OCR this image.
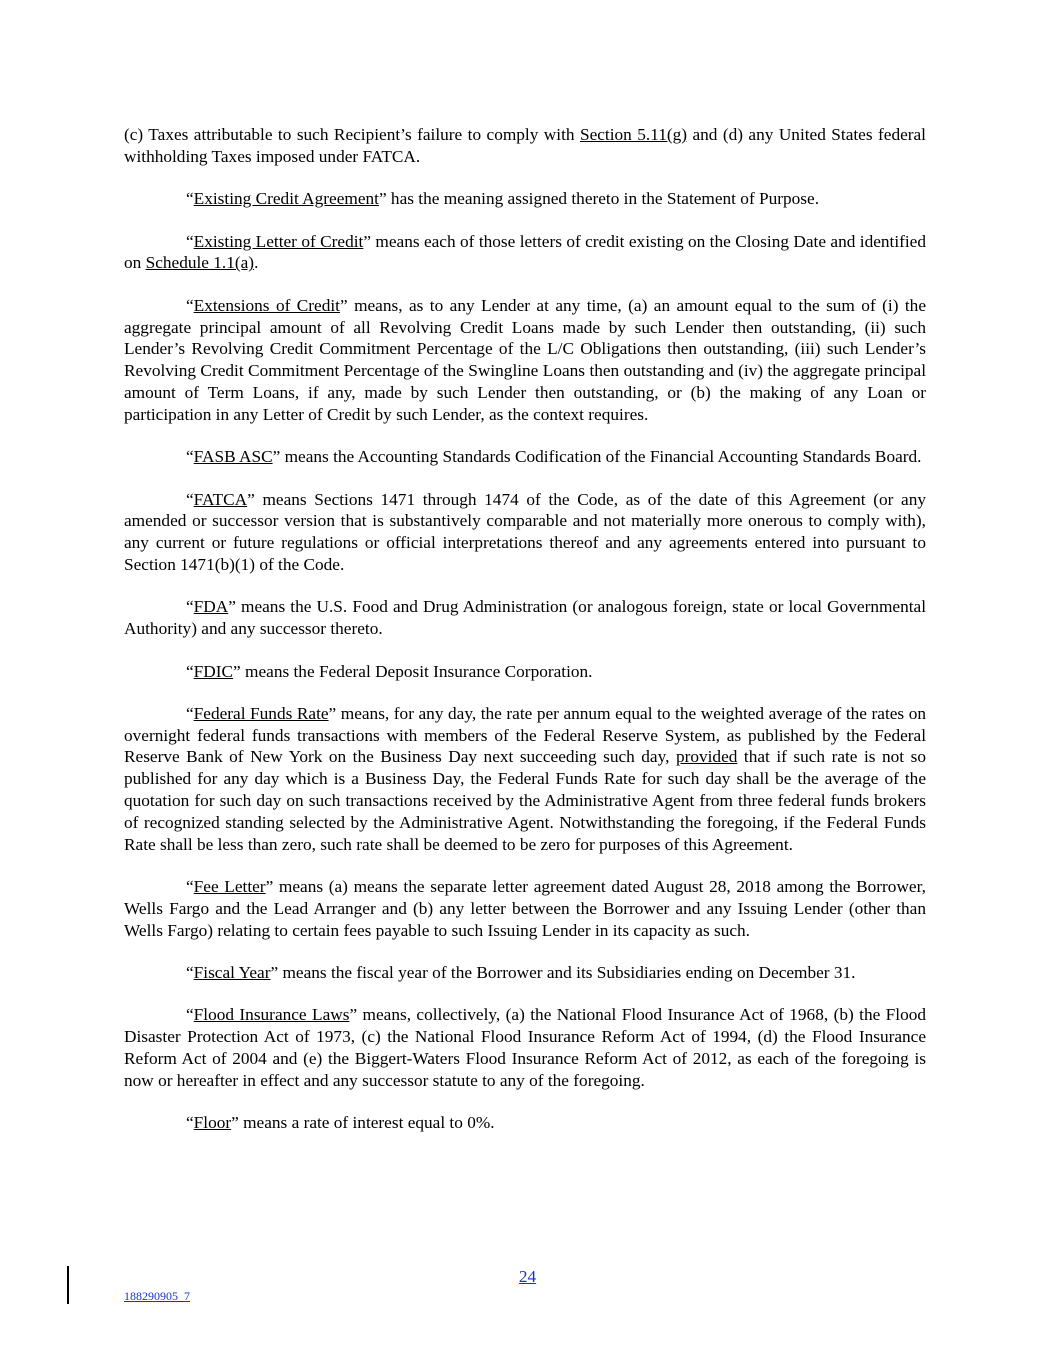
(c) Taxes attributable to such Recipient’s failure to comply with Section 5.11(g) and (d) any United States federal withholding Taxes imposed under FATCA.

“Existing Credit Agreement” has the meaning assigned thereto in the Statement of Purpose.

“Existing Letter of Credit” means each of those letters of credit existing on the Closing Date and identified on Schedule 1.1(a).

“Extensions of Credit” means, as to any Lender at any time, (a) an amount equal to the sum of (i) the aggregate principal amount of all Revolving Credit Loans made by such Lender then outstanding, (ii) such Lender’s Revolving Credit Commitment Percentage of the L/C Obligations then outstanding, (iii) such Lender’s Revolving Credit Commitment Percentage of the Swingline Loans then outstanding and (iv) the aggregate principal amount of Term Loans, if any, made by such Lender then outstanding, or (b) the making of any Loan or participation in any Letter of Credit by such Lender, as the context requires.

“FASB ASC” means the Accounting Standards Codification of the Financial Accounting Standards Board.

“FATCA” means Sections 1471 through 1474 of the Code, as of the date of this Agreement (or any amended or successor version that is substantively comparable and not materially more onerous to comply with), any current or future regulations or official interpretations thereof and any agreements entered into pursuant to Section 1471(b)(1) of the Code.

“FDA” means the U.S. Food and Drug Administration (or analogous foreign, state or local Governmental Authority) and any successor thereto.

“FDIC” means the Federal Deposit Insurance Corporation.

“Federal Funds Rate” means, for any day, the rate per annum equal to the weighted average of the rates on overnight federal funds transactions with members of the Federal Reserve System, as published by the Federal Reserve Bank of New York on the Business Day next succeeding such day, provided that if such rate is not so published for any day which is a Business Day, the Federal Funds Rate for such day shall be the average of the quotation for such day on such transactions received by the Administrative Agent from three federal funds brokers of recognized standing selected by the Administrative Agent. Notwithstanding the foregoing, if the Federal Funds Rate shall be less than zero, such rate shall be deemed to be zero for purposes of this Agreement.

“Fee Letter” means (a) means the separate letter agreement dated August 28, 2018 among the Borrower, Wells Fargo and the Lead Arranger and (b) any letter between the Borrower and any Issuing Lender (other than Wells Fargo) relating to certain fees payable to such Issuing Lender in its capacity as such.

“Fiscal Year” means the fiscal year of the Borrower and its Subsidiaries ending on December 31.

“Flood Insurance Laws” means, collectively, (a) the National Flood Insurance Act of 1968, (b) the Flood Disaster Protection Act of 1973, (c) the National Flood Insurance Reform Act of 1994, (d) the Flood Insurance Reform Act of 2004 and (e) the Biggert-Waters Flood Insurance Reform Act of 2012, as each of the foregoing is now or hereafter in effect and any successor statute to any of the foregoing.

“Floor” means a rate of interest equal to 0%.

24
188290905_7
